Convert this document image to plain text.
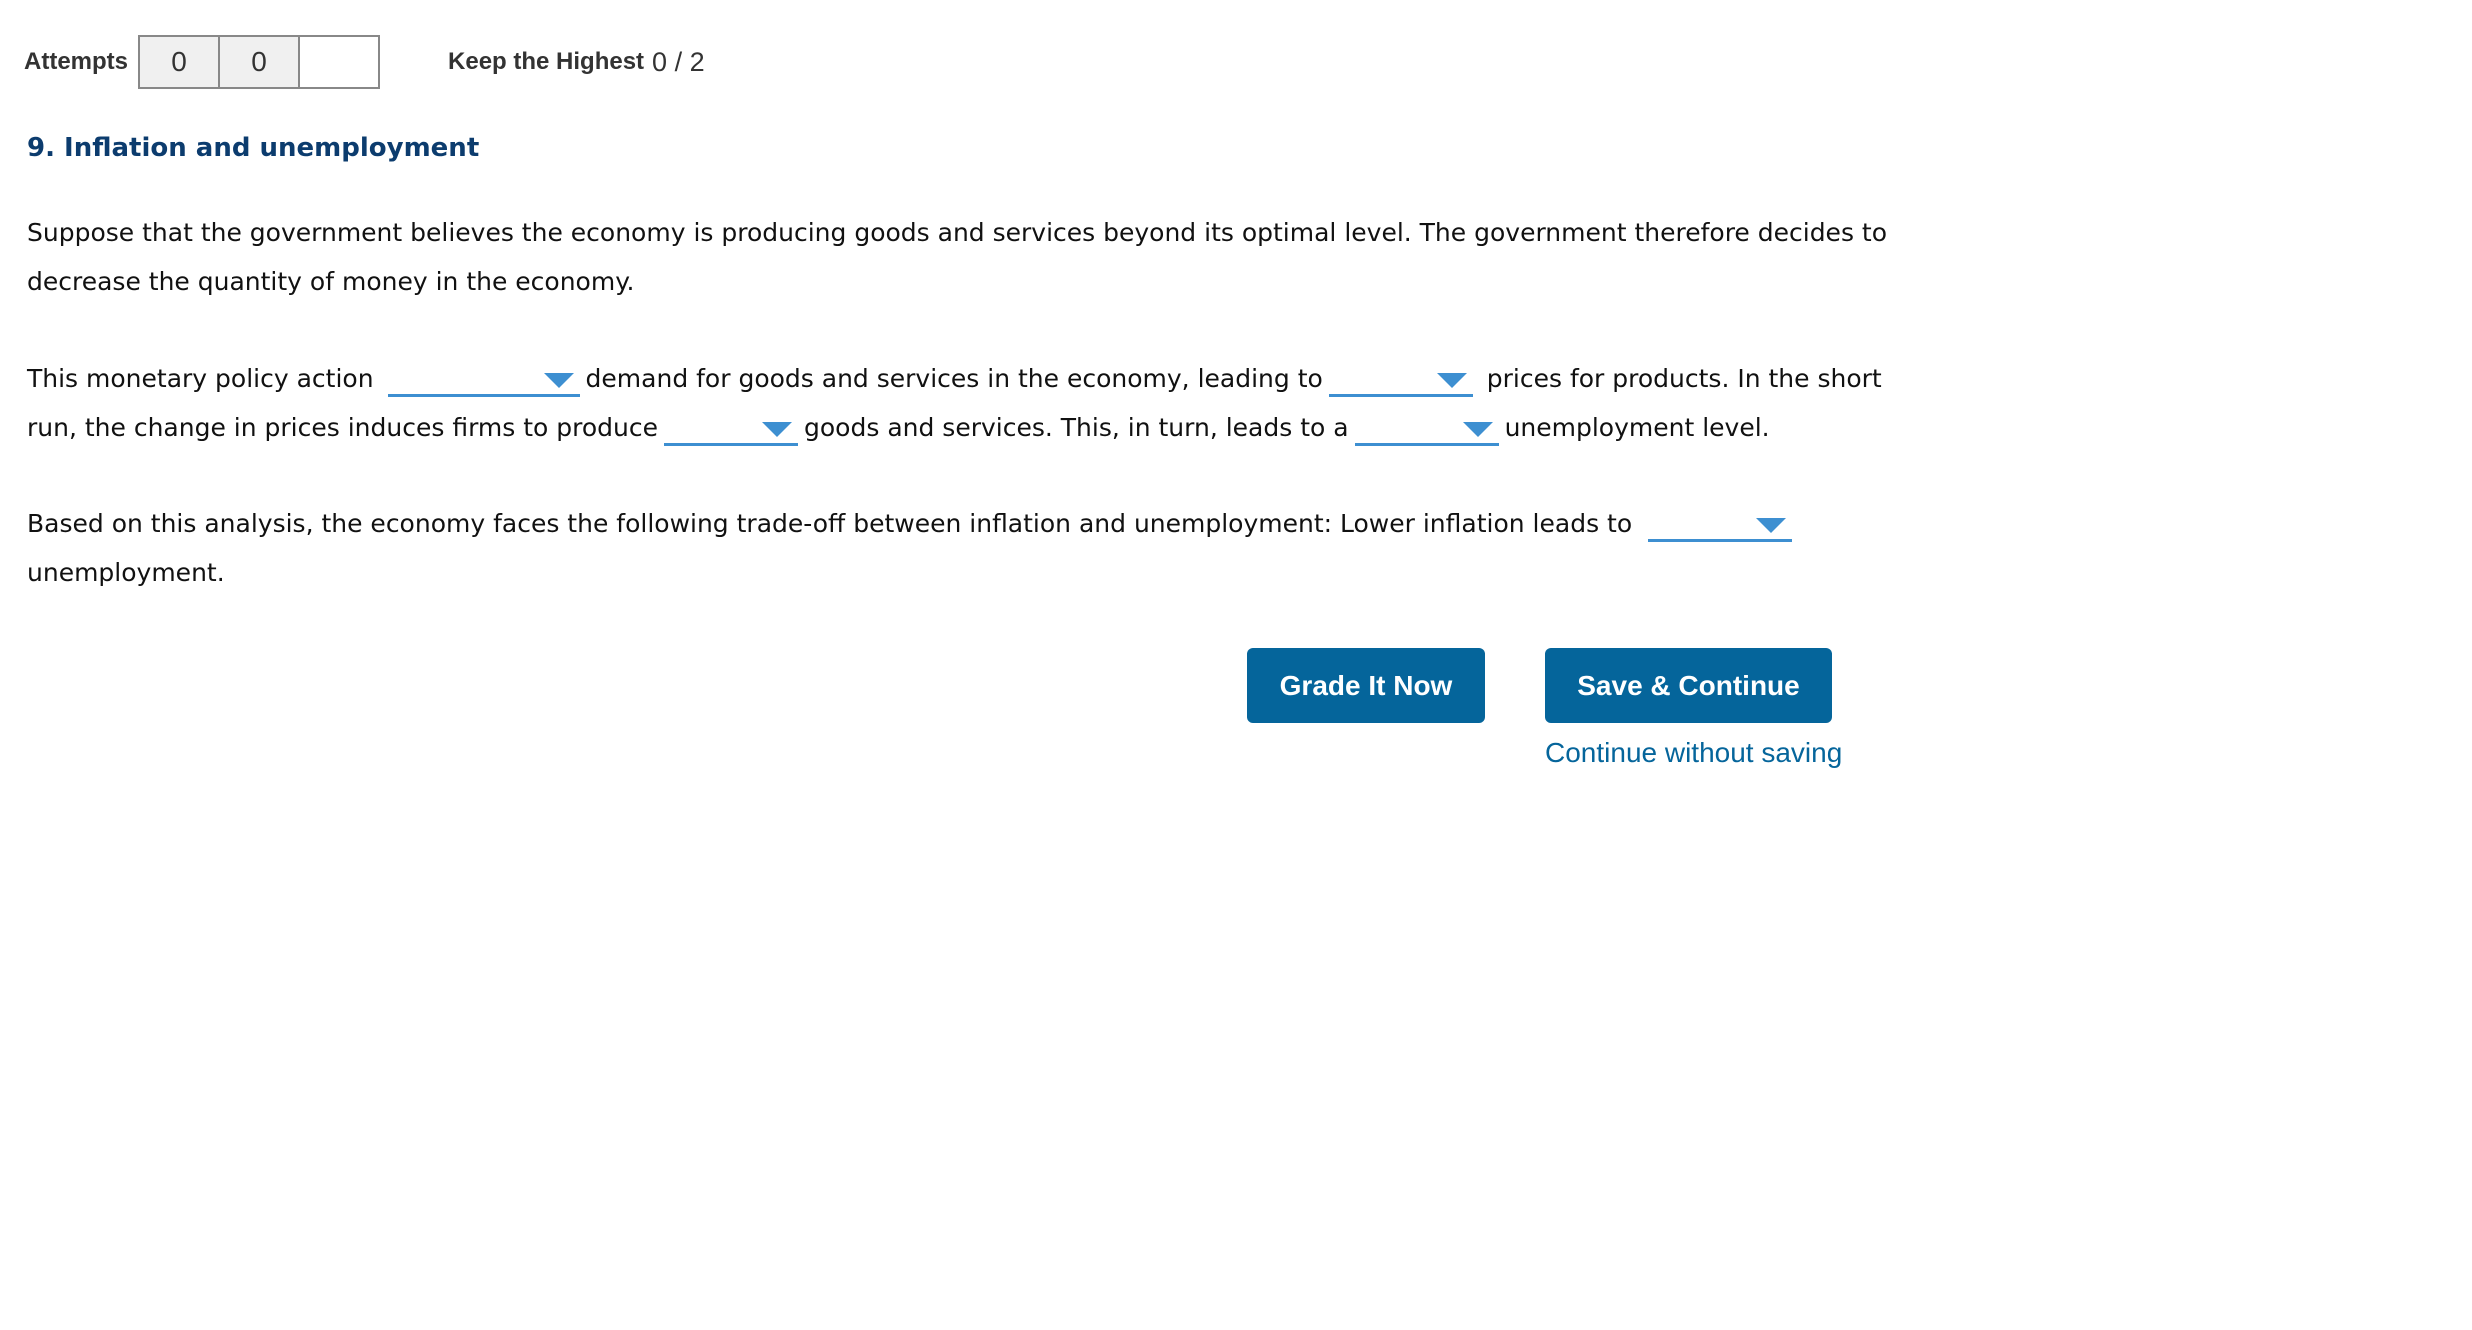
Attempts	0	0	Keep the Highest 0 / 2
9. Inflation and unemployment

Suppose that the government believes the economy is producing goods and services beyond its optimal level. The government therefore decides to decrease the quantity of money in the economy.

This monetary policy action	demand for goods and services in the economy, leading to	prices for products. In the short run, the change in prices induces firms to produce	goods and services. This, in turn, leads to a	unemployment level.

Based on this analysis, the economy faces the following trade-off between inflation and unemployment: Lower inflation leads to
unemployment.

Grade It Now	Save & Continue
Continue without saving
